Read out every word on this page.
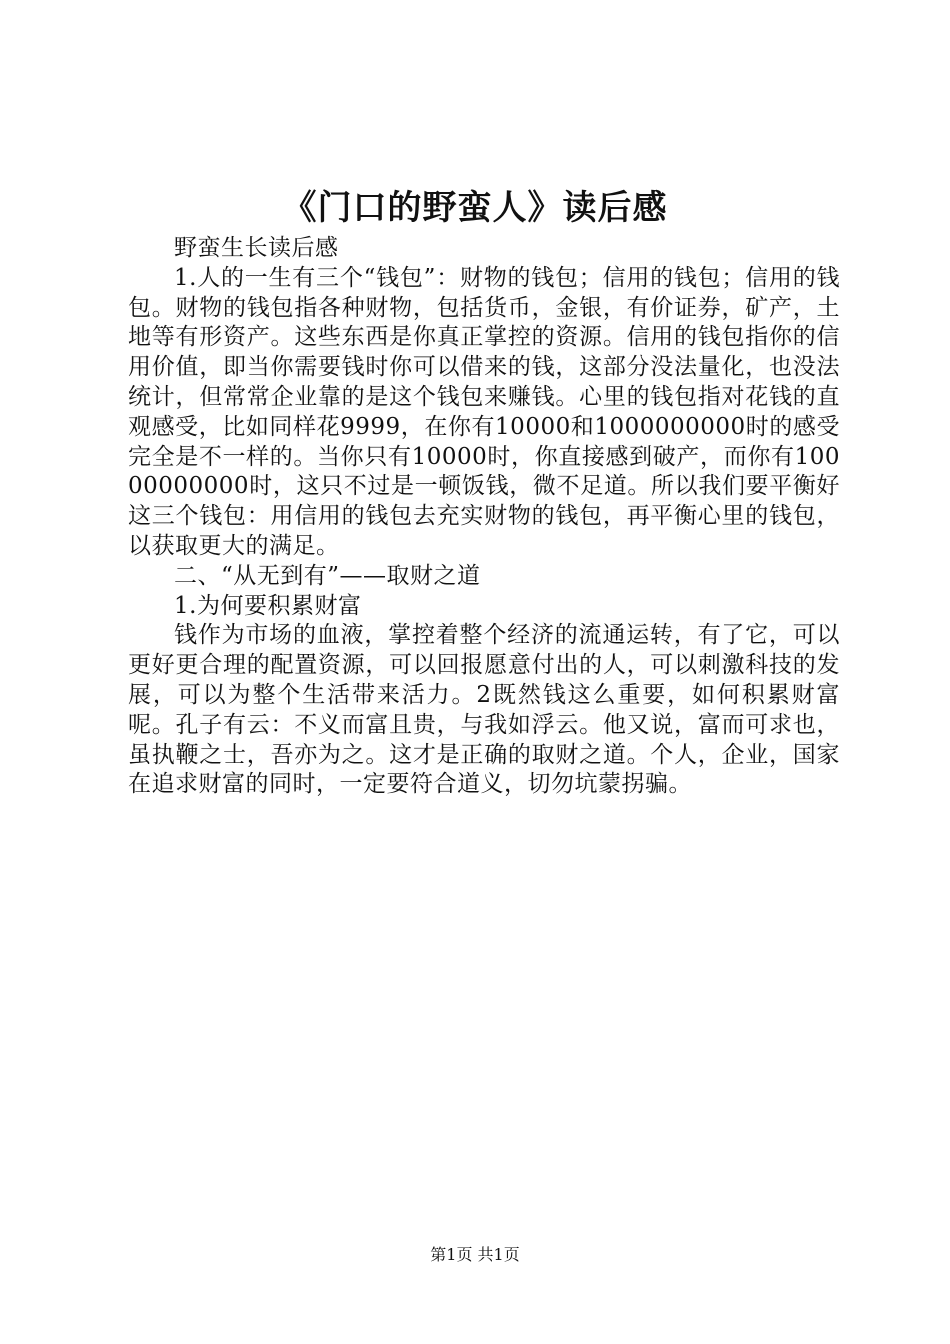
《门口的野蛮人》读后感

野蛮生长读后感

1.人的一生有三个“钱包”：财物的钱包；信用的钱包；信用的钱包。财物的钱包指各种财物，包括货币，金银，有价证券，矿产，土地等有形资产。这些东西是你真正掌控的资源。信用的钱包指你的信用价值，即当你需要钱时你可以借来的钱，这部分没法量化，也没法统计，但常常企业靠的是这个钱包来赚钱。心里的钱包指对花钱的直观感受，比如同样花9999，在你有10000和1000000000时的感受完全是不一样的。当你只有10000时，你直接感到破产，而你有10000000000时，这只不过是一顿饭钱，微不足道。所以我们要平衡好这三个钱包：用信用的钱包去充实财物的钱包，再平衡心里的钱包，以获取更大的满足。

二、“从无到有”——取财之道

1.为何要积累财富

钱作为市场的血液，掌控着整个经济的流通运转，有了它，可以更好更合理的配置资源，可以回报愿意付出的人，可以刺激科技的发展，可以为整个生活带来活力。2既然钱这么重要，如何积累财富呢。孔子有云：不义而富且贵，与我如浮云。他又说，富而可求也，虽执鞭之士，吾亦为之。这才是正确的取财之道。个人，企业，国家在追求财富的同时，一定要符合道义，切勿坑蒙拐骗。

第1页 共1页
